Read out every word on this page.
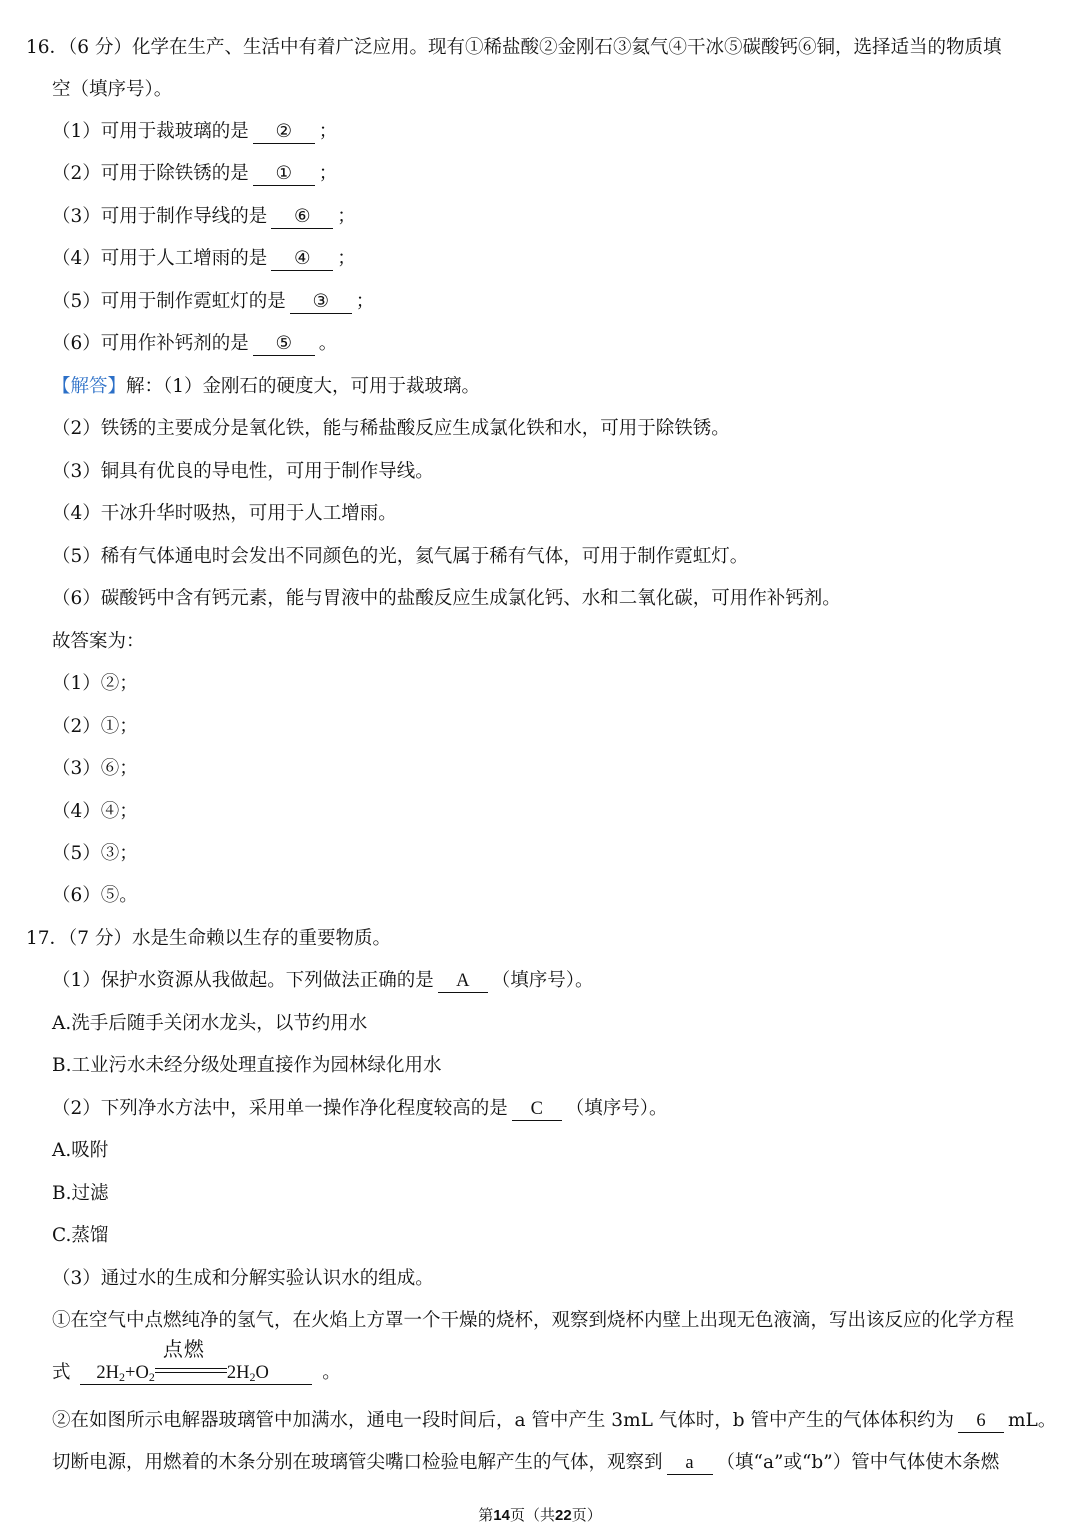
16．（6 分）化学在生产、生活中有着广泛应用。现有①稀盐酸②金刚石③氦气④干冰⑤碳酸钙⑥铜，选择适当的物质填
空（填序号）。
（1）可用于裁玻璃的是 ② ；
（2）可用于除铁锈的是 ① ；
（3）可用于制作导线的是 ⑥ ；
（4）可用于人工增雨的是 ④ ；
（5）可用于制作霓虹灯的是 ③ ；
（6）可用作补钙剂的是 ⑤ 。
【解答】解：（1）金刚石的硬度大，可用于裁玻璃。
（2）铁锈的主要成分是氧化铁，能与稀盐酸反应生成氯化铁和水，可用于除铁锈。
（3）铜具有优良的导电性，可用于制作导线。
（4）干冰升华时吸热，可用于人工增雨。
（5）稀有气体通电时会发出不同颜色的光，氦气属于稀有气体，可用于制作霓虹灯。
（6）碳酸钙中含有钙元素，能与胃液中的盐酸反应生成氯化钙、水和二氧化碳，可用作补钙剂。
故答案为：
（1）②；
（2）①；
（3）⑥；
（4）④；
（5）③；
（6）⑤。
17．（7 分）水是生命赖以生存的重要物质。
（1）保护水资源从我做起。下列做法正确的是 A （填序号）。
A.洗手后随手关闭水龙头，以节约用水
B.工业污水未经分级处理直接作为园林绿化用水
（2）下列净水方法中，采用单一操作净化程度较高的是 C （填序号）。
A.吸附
B.过滤
C.蒸馏
（3）通过水的生成和分解实验认识水的组成。
①在空气中点燃纯净的氢气，在火焰上方罩一个干燥的烧杯，观察到烧杯内壁上出现无色液滴，写出该反应的化学方程
式 $2H_2+O_2$
点燃
$2H_2O$	。
②在如图所示电解器玻璃管中加满水，通电一段时间后，a 管中产生 3mL 气体时，b 管中产生的气体体积约为 6 mL。
切断电源，用燃着的木条分别在玻璃管尖嘴口检验电解产生的气体，观察到 a （填“a”或“b”）管中气体使木条燃
第14页（共22页）
